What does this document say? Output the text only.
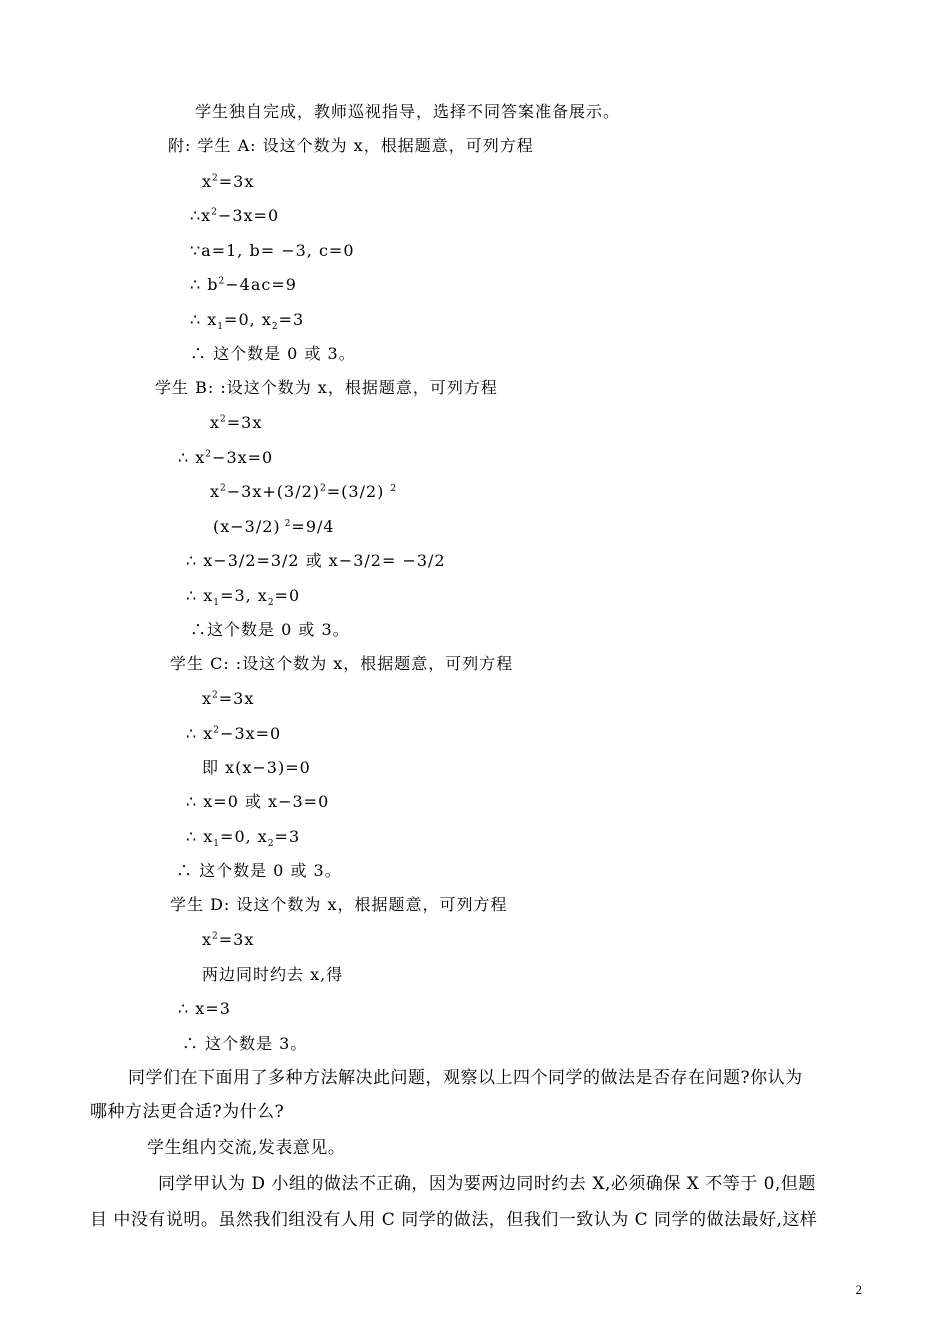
学生独自完成，教师巡视指导，选择不同答案准备展示。
附: 学生 A: 设这个数为 x，根据题意，可列方程
$x^2=3x$
$\therefore x^2-3x=0$
∵a=1, b= −3, c=0
∴ $b^2-4ac=9$
∴ $x_1=0$, $x_2=3$
∴ 这个数是 0 或 3。
学生 B: :设这个数为 x，根据题意，可列方程
$x^2=3x$
∴ $x^2-3x=0$
$x^2-3x+(3/2)^2=(3/2)$ $^2$
(x−3/2) $^2$=9/4
∴ x−3/2=3/2 或 x−3/2= −3/2
∴ $x_1=3$, $x_2=0$
∴这个数是 0 或 3。
学生 C: :设这个数为 x，根据题意，可列方程
$x^2=3x$
∴ $x^2-3x=0$
即 x(x−3)=0
∴ x=0 或 x−3=0
∴ $x_1=0$, $x_2=3$
∴ 这个数是 0 或 3。
学生 D: 设这个数为 x，根据题意，可列方程
$x^2=3x$
两边同时约去 x,得
∴ x=3
∴ 这个数是 3。
同学们在下面用了多种方法解决此问题，观察以上四个同学的做法是否存在问题?你认为
哪种方法更合适?为什么?
学生组内交流,发表意见。
同学甲认为 D 小组的做法不正确，因为要两边同时约去 X,必须确保 X 不等于 0,但题
目 中没有说明。虽然我们组没有人用 C 同学的做法，但我们一致认为 C 同学的做法最好,这样
2
